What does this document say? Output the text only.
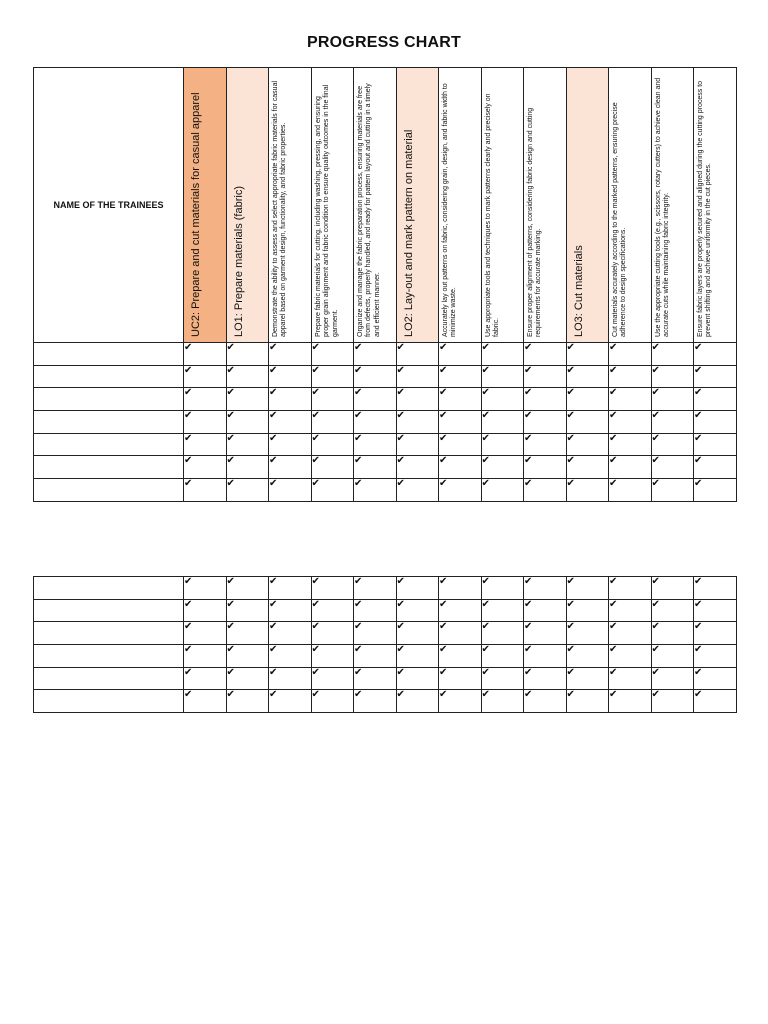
PROGRESS CHART
NAME OF THE TRAINEES	UC2: Prepare and cut materials for casual apparel	LO1: Prepare materials (fabric)	Demonstrate the ability to assess and select appropriate fabric materials for casual apparel based on garment design, functionality, and fabric properties.	Prepare fabric materials for cutting, including washing, pressing, and ensuring proper grain alignment and fabric condition to ensure quality outcomes in the final garment.	Organize and manage the fabric preparation process, ensuring materials are free from defects, properly handled, and ready for pattern layout and cutting in a timely and efficient manner.	LO2: Lay-out and mark pattern on material	Accurately lay out patterns on fabric, considering grain, design, and fabric width to minimize waste.	Use appropriate tools and techniques to mark patterns clearly and precisely on fabric.	Ensure proper alignment of patterns, considering fabric design and cutting requirements for accurate marking.	LO3: Cut materials	Cut materials accurately according to the marked patterns, ensuring precise adherence to design specifications.	Use the appropriate cutting tools (e.g., scissors, rotary cutters) to achieve clean and accurate cuts while maintaining fabric integrity.	Ensure fabric layers are properly secured and aligned during the cutting process to prevent shifting and achieve uniformity in the cut pieces.

	✔	✔	✔	✔	✔	✔	✔	✔	✔	✔	✔	✔	✔
	✔	✔	✔	✔	✔	✔	✔	✔	✔	✔	✔	✔	✔
	✔	✔	✔	✔	✔	✔	✔	✔	✔	✔	✔	✔	✔
	✔	✔	✔	✔	✔	✔	✔	✔	✔	✔	✔	✔	✔
	✔	✔	✔	✔	✔	✔	✔	✔	✔	✔	✔	✔	✔
	✔	✔	✔	✔	✔	✔	✔	✔	✔	✔	✔	✔	✔
	✔	✔	✔	✔	✔	✔	✔	✔	✔	✔	✔	✔	✔
	✔	✔	✔	✔	✔	✔	✔	✔	✔	✔	✔	✔	✔
	✔	✔	✔	✔	✔	✔	✔	✔	✔	✔	✔	✔	✔
	✔	✔	✔	✔	✔	✔	✔	✔	✔	✔	✔	✔	✔
	✔	✔	✔	✔	✔	✔	✔	✔	✔	✔	✔	✔	✔
	✔	✔	✔	✔	✔	✔	✔	✔	✔	✔	✔	✔	✔
	✔	✔	✔	✔	✔	✔	✔	✔	✔	✔	✔	✔	✔
